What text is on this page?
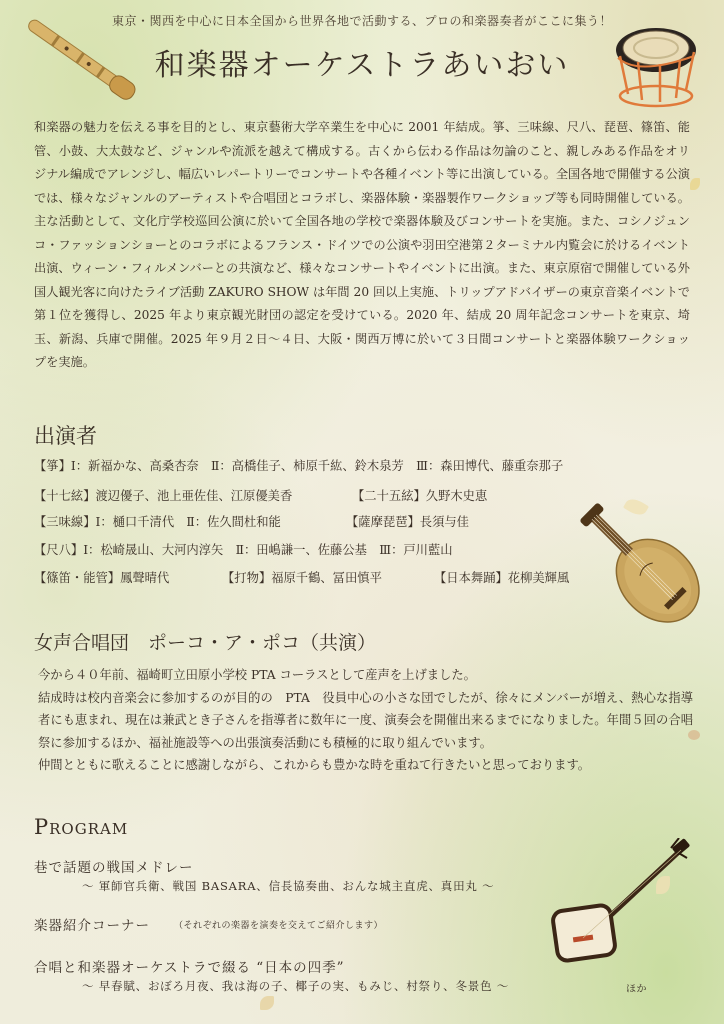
東京・関西を中心に日本全国から世界各地で活動する、プロの和楽器奏者がここに集う！
和楽器オーケストラあいおい
和楽器の魅力を伝える事を目的とし、東京藝術大学卒業生を中心に 2001 年結成。箏、三味線、尺八、琵琶、篠笛、能管、小鼓、大太鼓など、ジャンルや流派を越えて構成する。古くから伝わる作品は勿論のこと、親しみある作品をオリジナル編成でアレンジし、幅広いレパートリーでコンサートや各種イベント等に出演している。全国各地で開催する公演では、様々なジャンルのアーティストや合唱団とコラボし、楽器体験・楽器製作ワークショップ等も同時開催している。主な活動として、文化庁学校巡回公演に於いて全国各地の学校で楽器体験及びコンサートを実施。また、コシノジュンコ・ファッションショーとのコラボによるフランス・ドイツでの公演や羽田空港第２ターミナル内覧会に於けるイベント出演、ウィーン・フィルメンバーとの共演など、様々なコンサートやイベントに出演。また、東京原宿で開催している外国人観光客に向けたライブ活動 ZAKURO SHOW は年間 20 回以上実施、トリップアドバイザーの東京音楽イベントで第１位を獲得し、2025 年より東京観光財団の認定を受けている。2020 年、結成 20 周年記念コンサートを東京、埼玉、新潟、兵庫で開催。2025 年９月２日〜４日、大阪・関西万博に於いて３日間コンサートと楽器体験ワークショップを実施。
出演者
【箏】Ⅰ：新福かな、高桑杏奈　Ⅱ：高橋佳子、柿原千紘、鈴木泉芳　Ⅲ：森田博代、藤重奈那子
【十七絃】渡辺優子、池上亜佐佳、江原優美香	【二十五絃】久野木史恵
【三味線】Ⅰ：樋口千清代　Ⅱ：佐久間杜和能	【薩摩琵琶】長須与佳
【尺八】Ⅰ：松崎晟山、大河内淳矢　Ⅱ：田嶋謙一、佐藤公基　Ⅲ：戸川藍山
【篠笛・能管】鳳聲晴代	【打物】福原千鶴、冨田慎平	【日本舞踊】花柳美輝風
女声合唱団　ポーコ・ア・ポコ（共演）

今から４０年前、福崎町立田原小学校 PTA コーラスとして産声を上げました。

結成時は校内音楽会に参加するのが目的の　PTA　役員中心の小さな団でしたが、徐々にメンバーが増え、熱心な指導者にも恵まれ、現在は兼武とき子さんを指導者に数年に一度、演奏会を開催出来るまでになりました。年間５回の合唱祭に参加するほか、福祉施設等への出張演奏活動にも積極的に取り組んでいます。

仲間とともに歌えることに感謝しながら、これからも豊かな時を重ねて行きたいと思っております。

Program
巷で話題の戦国メドレー
〜 軍師官兵衛、戦国 BASARA、信長協奏曲、おんな城主直虎、真田丸 〜
楽器紹介コーナー	（それぞれの楽器を演奏を交えてご紹介します）
合唱と和楽器オーケストラで綴る “日本の四季”
〜 早春賦、おぼろ月夜、我は海の子、椰子の実、もみじ、村祭り、冬景色 〜	ほか
